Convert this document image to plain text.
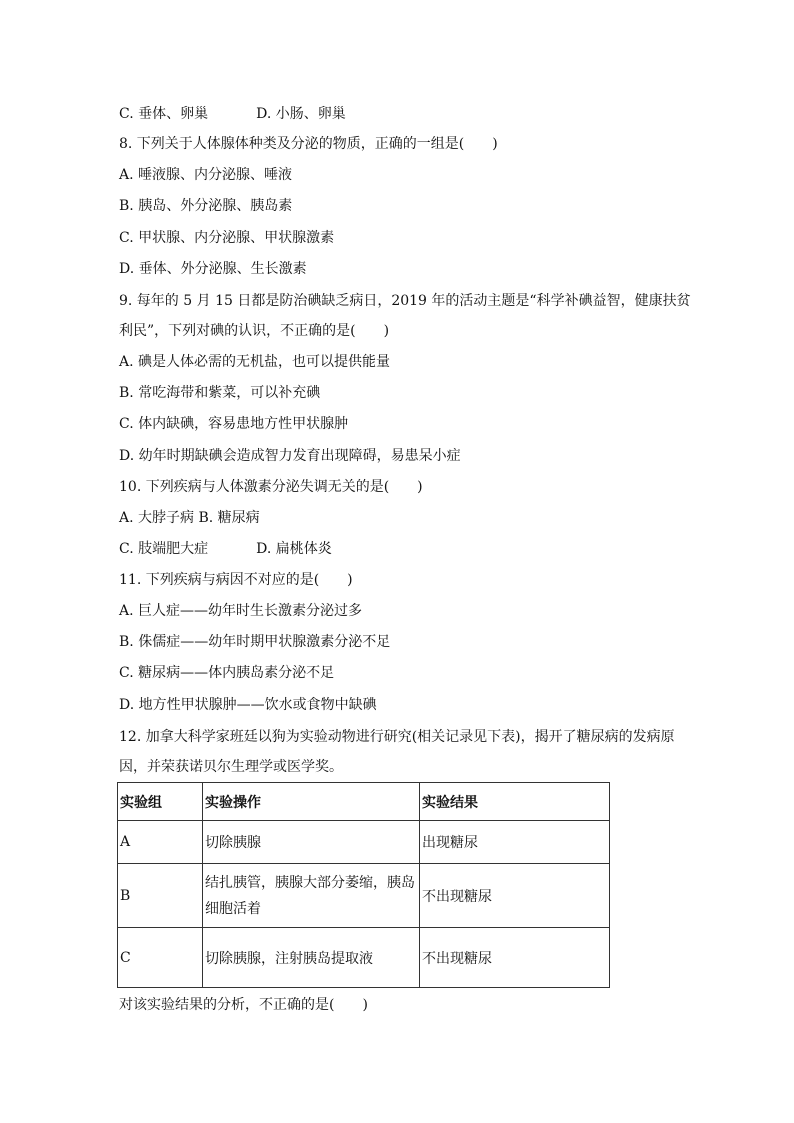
C. 垂体、卵巢	D. 小肠、卵巢
8. 下列关于人体腺体种类及分泌的物质，正确的一组是(　　)
A. 唾液腺、内分泌腺、唾液
B. 胰岛、外分泌腺、胰岛素
C. 甲状腺、内分泌腺、甲状腺激素
D. 垂体、外分泌腺、生长激素
9. 每年的 5 月 15 日都是防治碘缺乏病日，2019 年的活动主题是“科学补碘益智，健康扶贫
利民”，下列对碘的认识，不正确的是(　　)
A. 碘是人体必需的无机盐，也可以提供能量
B. 常吃海带和紫菜，可以补充碘
C. 体内缺碘，容易患地方性甲状腺肿
D. 幼年时期缺碘会造成智力发育出现障碍，易患呆小症
10. 下列疾病与人体激素分泌失调无关的是(　　)
A. 大脖子病 B. 糖尿病
C. 肢端肥大症	D. 扁桃体炎
11. 下列疾病与病因不对应的是(　　)
A. 巨人症——幼年时生长激素分泌过多
B. 侏儒症——幼年时期甲状腺激素分泌不足
C. 糖尿病——体内胰岛素分泌不足
D. 地方性甲状腺肿——饮水或食物中缺碘
12. 加拿大科学家班廷以狗为实验动物进行研究(相关记录见下表)，揭开了糖尿病的发病原
因，并荣获诺贝尔生理学或医学奖。
实验组	实验操作	实验结果
A	切除胰腺	出现糖尿
B	结扎胰管，胰腺大部分萎缩，胰岛细胞活着	不出现糖尿
C	切除胰腺，注射胰岛提取液	不出现糖尿
对该实验结果的分析，不正确的是(　　)
